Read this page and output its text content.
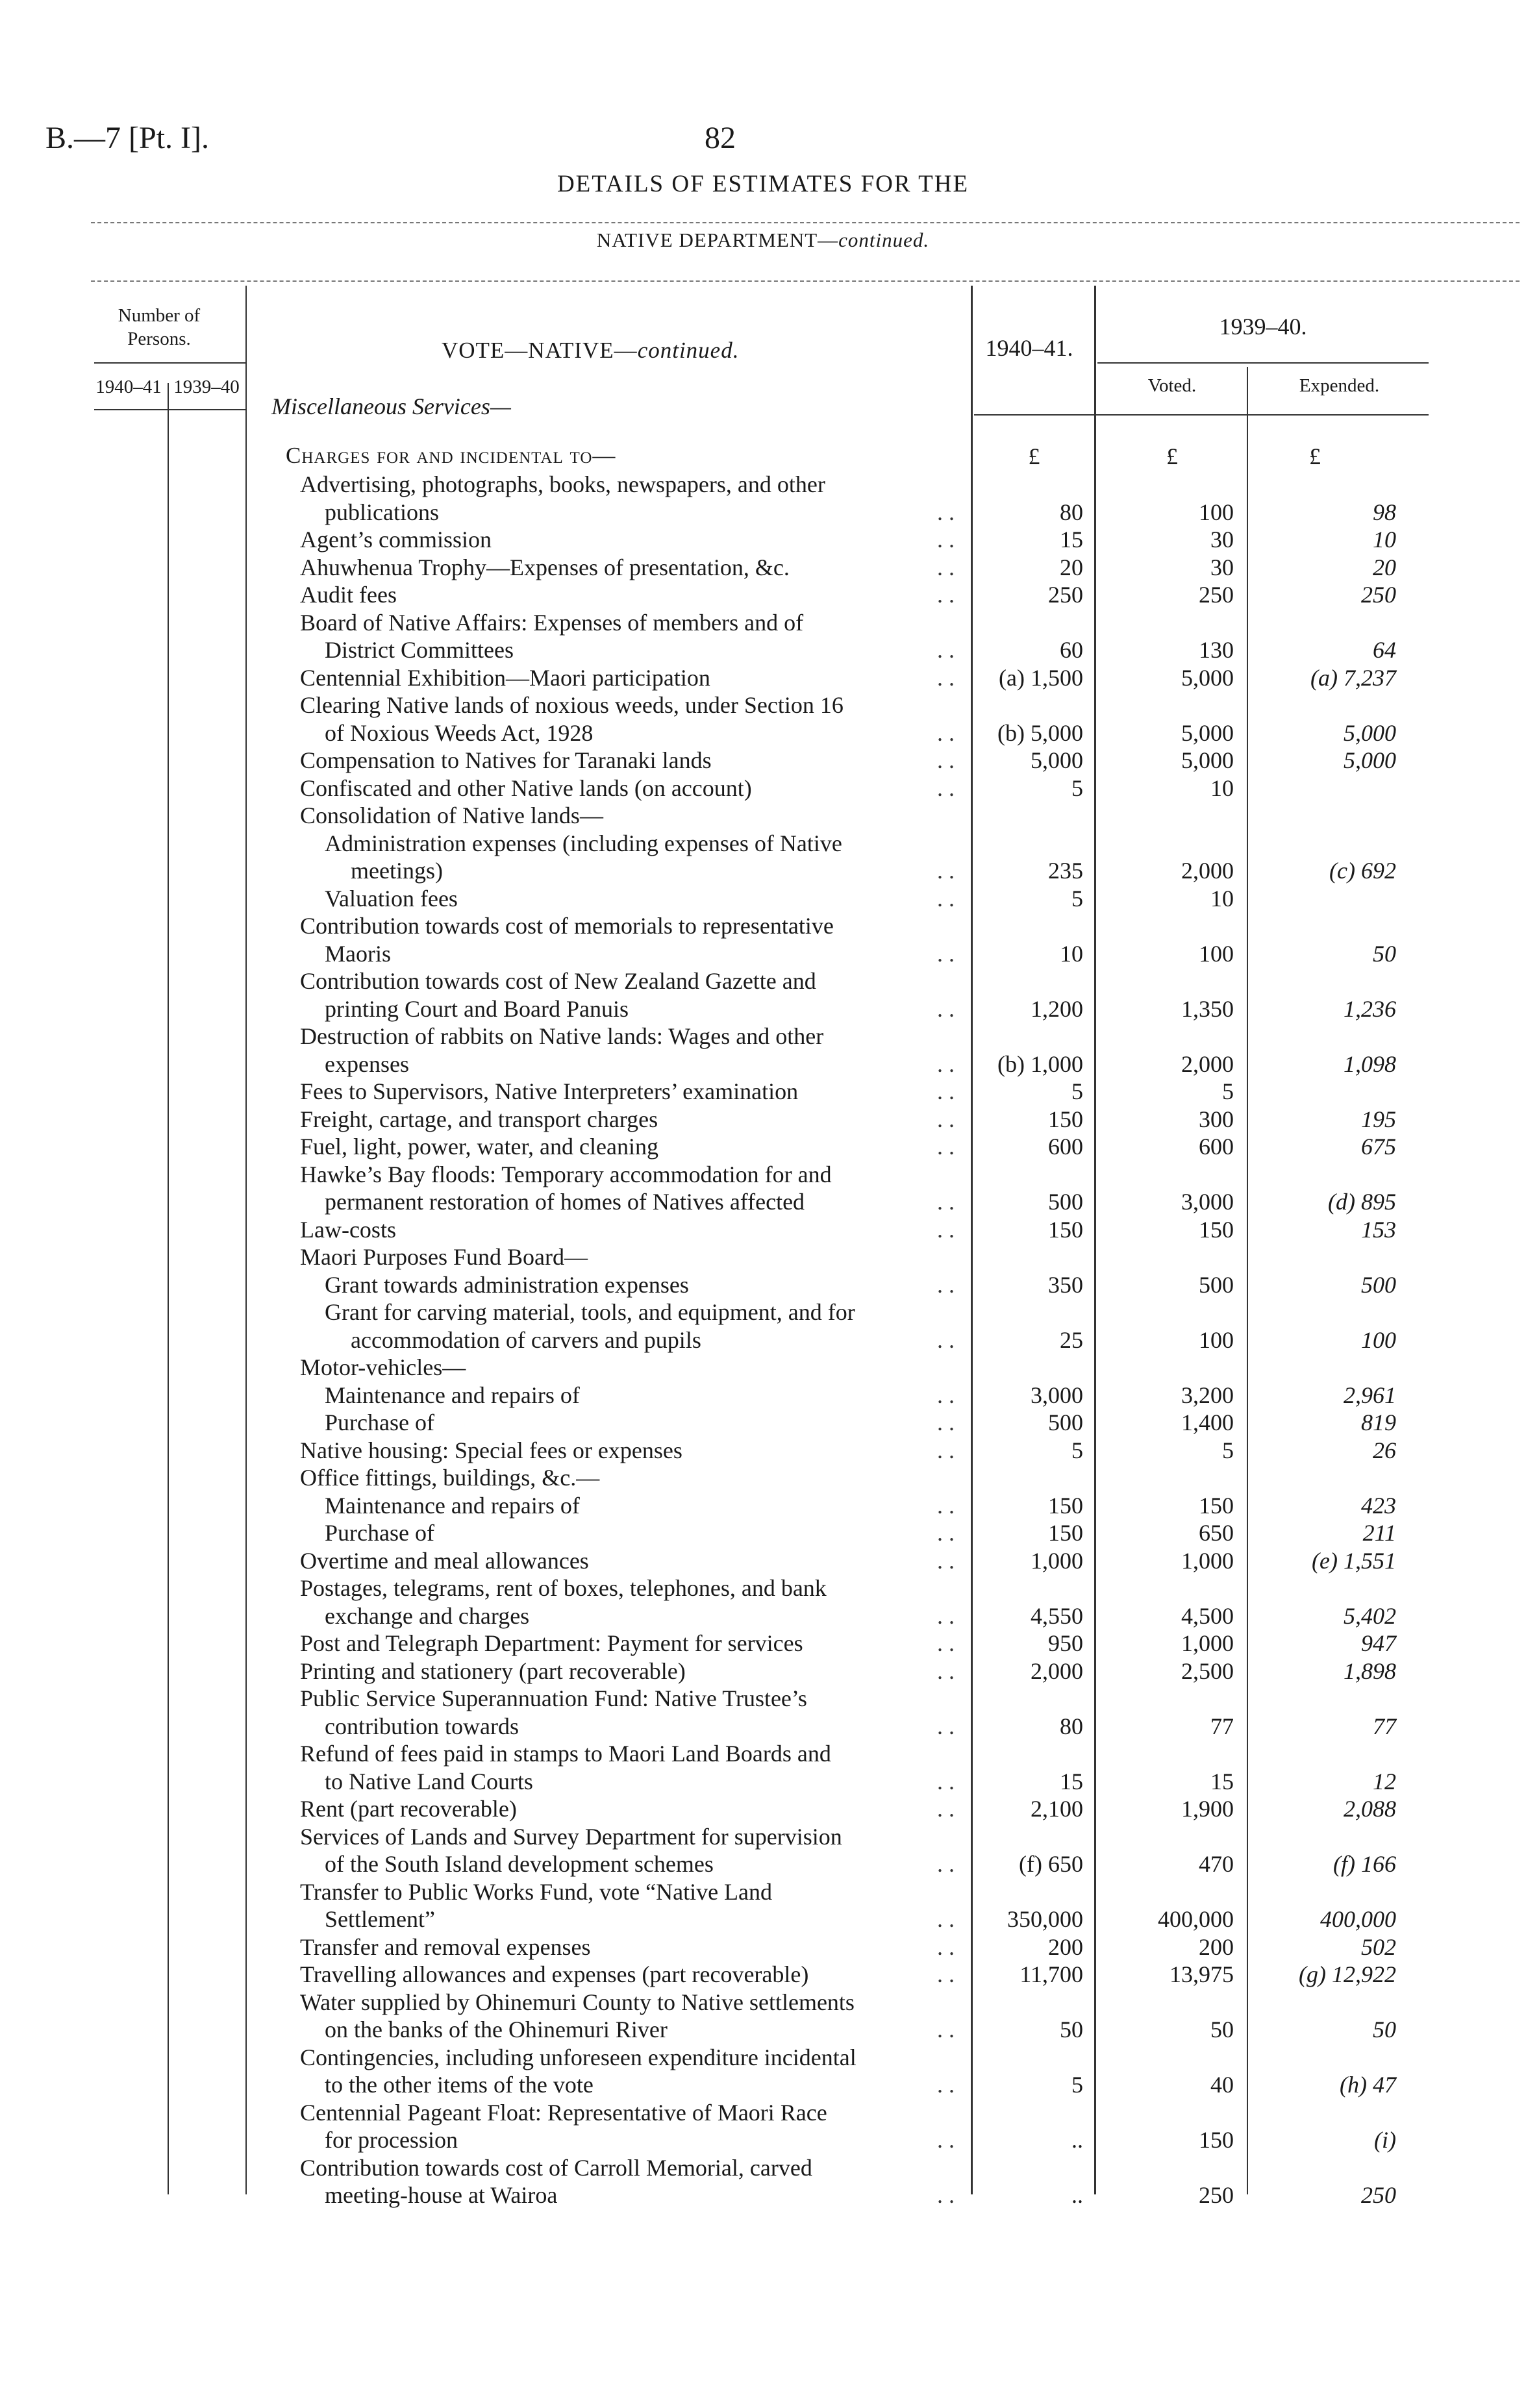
B.—7 [Pt. I].	82
DETAILS OF ESTIMATES FOR THE
NATIVE DEPARTMENT—continued.
Number of Persons.
1940–41 1939–40
VOTE—NATIVE—continued.
Miscellaneous Services—
1940–41.
1939–40.
Voted.	Expended.
£	£	£
Charges for and incidental to—
Advertising, photographs, books, newspapers, and other
publications	. .	80	100	98
Agent’s commission	. .	15	30	10
Ahuwhenua Trophy—Expenses of presentation, &c.	. .	20	30	20
Audit fees	. .	250	250	250
Board of Native Affairs: Expenses of members and of
District Committees	. .	60	130	64
Centennial Exhibition—Maori participation	. . (a) 1,500	5,000	(a) 7,237
Clearing Native lands of noxious weeds, under Section 16
of Noxious Weeds Act, 1928	. . (b) 5,000	5,000	5,000
Compensation to Natives for Taranaki lands	. .	5,000	5,000	5,000
Confiscated and other Native lands (on account)	. .	5	10
Consolidation of Native lands—
Administration expenses (including expenses of Native
meetings)	. .	235	2,000	(c) 692
Valuation fees	. .	5	10
Contribution towards cost of memorials to representative
Maoris	. .	10	100	50
Contribution towards cost of New Zealand Gazette and
printing Court and Board Panuis	. .	1,200	1,350	1,236
Destruction of rabbits on Native lands: Wages and other
expenses	. . (b) 1,000	2,000	1,098
Fees to Supervisors, Native Interpreters’ examination	. .	5	5
Freight, cartage, and transport charges	. .	150	300	195
Fuel, light, power, water, and cleaning	. .	600	600	675
Hawke’s Bay floods: Temporary accommodation for and
permanent restoration of homes of Natives affected	. .	500	3,000	(d) 895
Law-costs	. .	150	150	153
Maori Purposes Fund Board—
Grant towards administration expenses	. .	350	500	500
Grant for carving material, tools, and equipment, and for
accommodation of carvers and pupils	. .	25	100	100
Motor-vehicles—
Maintenance and repairs of	. .	3,000	3,200	2,961
Purchase of	. .	500	1,400	819
Native housing: Special fees or expenses	. .	5	5	26
Office fittings, buildings, &c.—
Maintenance and repairs of	. .	150	150	423
Purchase of	. .	150	650	211
Overtime and meal allowances	. .	1,000	1,000	(e) 1,551
Postages, telegrams, rent of boxes, telephones, and bank
exchange and charges	. .	4,550	4,500	5,402
Post and Telegraph Department: Payment for services	. .	950	1,000	947
Printing and stationery (part recoverable)	. .	2,000	2,500	1,898
Public Service Superannuation Fund: Native Trustee’s
contribution towards	. .	80	77	77
Refund of fees paid in stamps to Maori Land Boards and
to Native Land Courts	. .	15	15	12
Rent (part recoverable)	. .	2,100	1,900	2,088
Services of Lands and Survey Department for supervision
of the South Island development schemes	. .	(f) 650	470	(f) 166
Transfer to Public Works Fund, vote “Native Land
Settlement”	. . 350,000	400,000	400,000
Transfer and removal expenses	. .	200	200	502
Travelling allowances and expenses (part recoverable)	. .	11,700	13,975	(g) 12,922
Water supplied by Ohinemuri County to Native settlements
on the banks of the Ohinemuri River	. .	50	50	50
Contingencies, including unforeseen expenditure incidental
to the other items of the vote	. .	5	40	(h) 47
Centennial Pageant Float: Representative of Maori Race
for procession	. .	..	150	(i)
Contribution towards cost of Carroll Memorial, carved
meeting-house at Wairoa	. .	..	250	250
